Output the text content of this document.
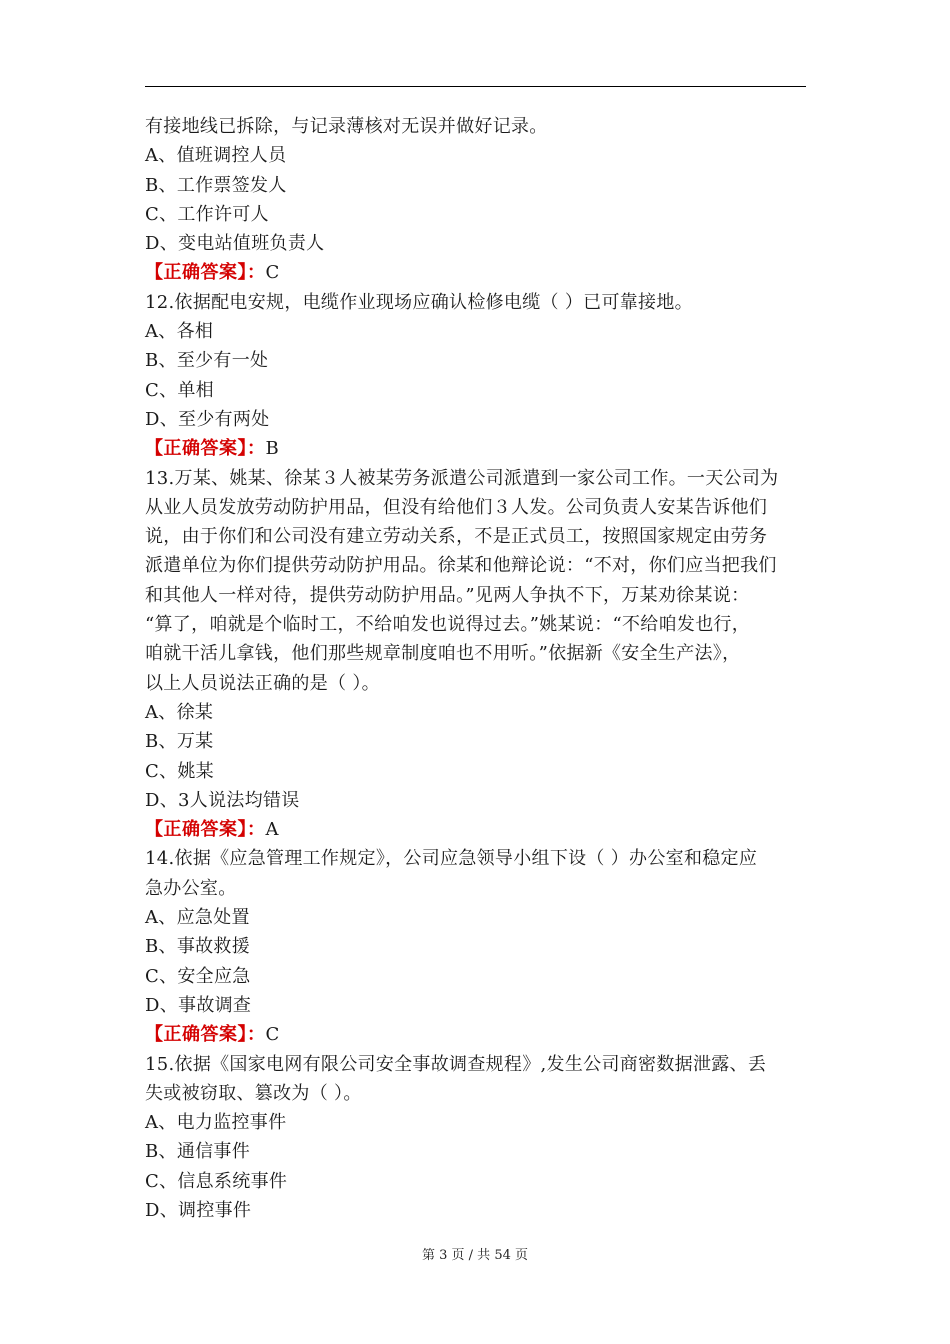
有接地线已拆除，与记录薄核对无误并做好记录。
A、值班调控人员
B、工作票签发人
C、工作许可人
D、变电站值班负责人
【正确答案】：C
12.依据配电安规，电缆作业现场应确认检修电缆（ ）已可靠接地。
A、各相
B、至少有一处
C、单相
D、至少有两处
【正确答案】：B
13.万某、姚某、徐某３人被某劳务派遣公司派遣到一家公司工作。一天公司为
从业人员发放劳动防护用品，但没有给他们３人发。公司负责人安某告诉他们
说，由于你们和公司没有建立劳动关系，不是正式员工，按照国家规定由劳务
派遣单位为你们提供劳动防护用品。徐某和他辩论说：“不对，你们应当把我们
和其他人一样对待，提供劳动防护用品。”见两人争执不下，万某劝徐某说：
“算了，咱就是个临时工，不给咱发也说得过去。”姚某说：“不给咱发也行，
咱就干活儿拿钱，他们那些规章制度咱也不用听。”依据新《安全生产法》，
以上人员说法正确的是（ ）。
A、徐某
B、万某
C、姚某
D、3人说法均错误
【正确答案】：A
14.依据《应急管理工作规定》，公司应急领导小组下设（ ）办公室和稳定应
急办公室。
A、应急处置
B、事故救援
C、安全应急
D、事故调查
【正确答案】：C
15.依据《国家电网有限公司安全事故调查规程》,发生公司商密数据泄露、丢
失或被窃取、篡改为（ ）。
A、电力监控事件
B、通信事件
C、信息系统事件
D、调控事件
第 3 页 / 共 54 页
